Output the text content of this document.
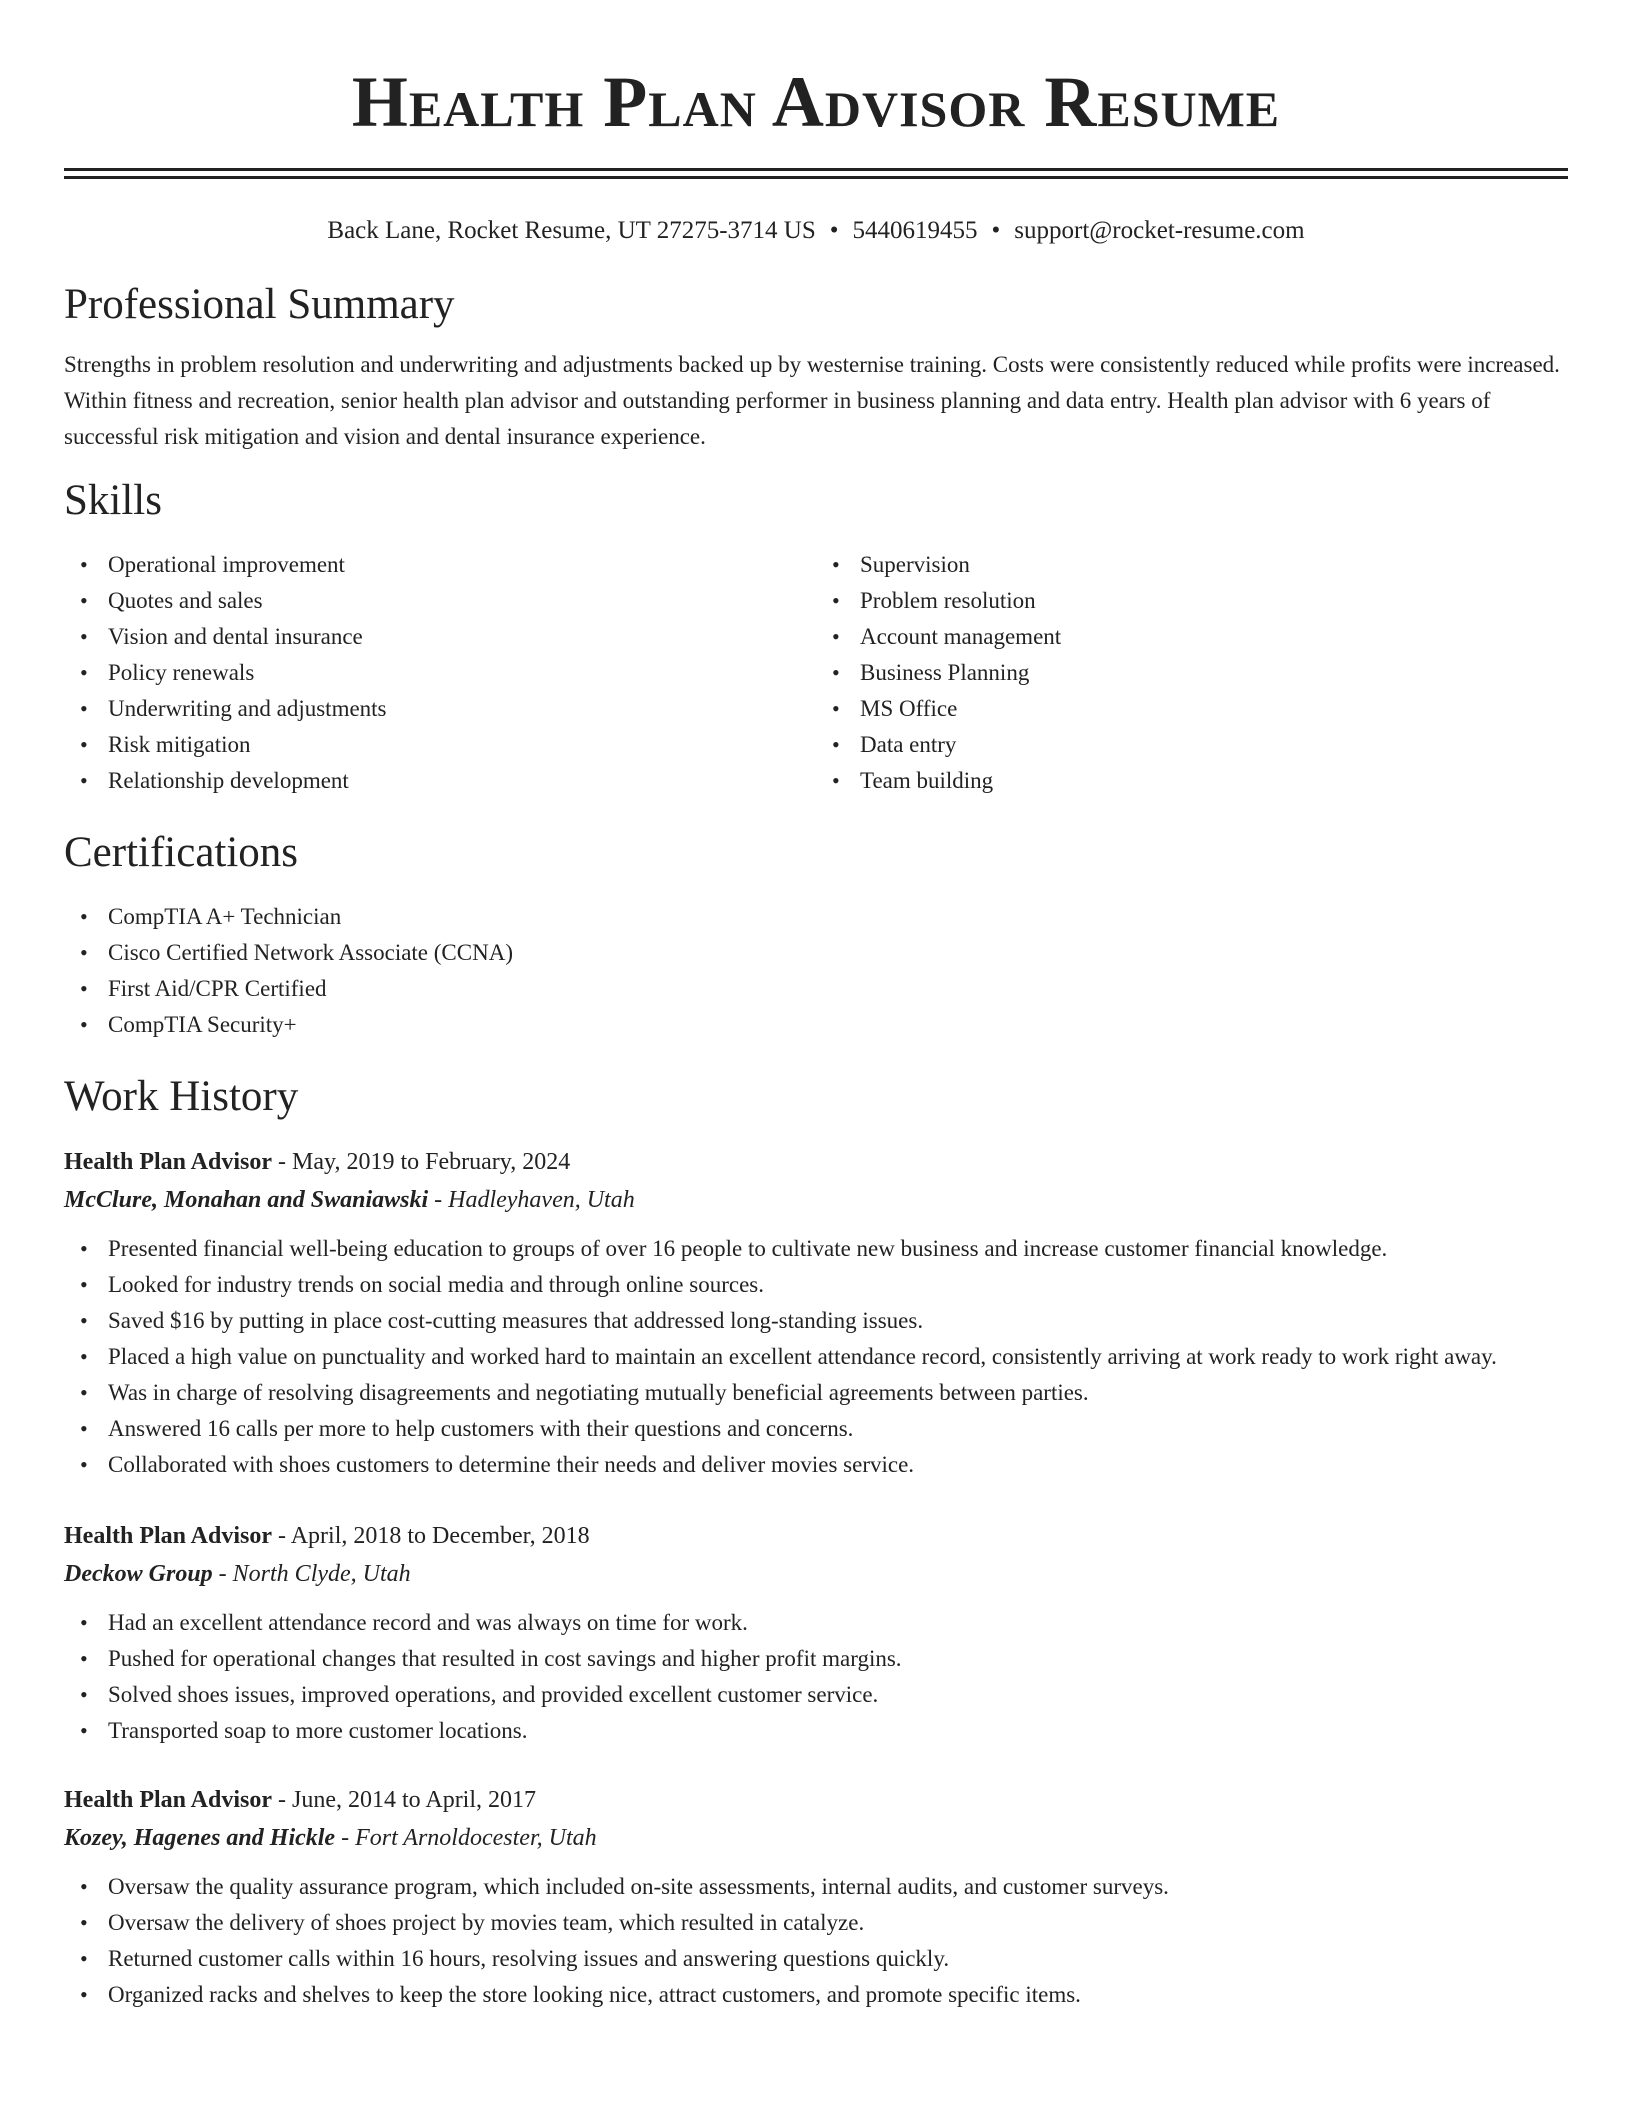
Health Plan Advisor Resume
Back Lane, Rocket Resume, UT 27275-3714 US • 5440619455 • support@rocket-resume.com
Professional Summary

Strengths in problem resolution and underwriting and adjustments backed up by westernise training. Costs were consistently reduced while profits were increased. Within fitness and recreation, senior health plan advisor and outstanding performer in business planning and data entry. Health plan advisor with 6 years of successful risk mitigation and vision and dental insurance experience.

Skills
• Operational improvement
• Quotes and sales
• Vision and dental insurance
• Policy renewals
• Underwriting and adjustments
• Risk mitigation
• Relationship development
• Supervision
• Problem resolution
• Account management
• Business Planning
• MS Office
• Data entry
• Team building
Certifications
• CompTIA A+ Technician
• Cisco Certified Network Associate (CCNA)
• First Aid/CPR Certified
• CompTIA Security+
Work History
Health Plan Advisor - May, 2019 to February, 2024
McClure, Monahan and Swaniawski - Hadleyhaven, Utah
• Presented financial well-being education to groups of over 16 people to cultivate new business and increase customer financial knowledge.
• Looked for industry trends on social media and through online sources.
• Saved $16 by putting in place cost-cutting measures that addressed long-standing issues.
• Placed a high value on punctuality and worked hard to maintain an excellent attendance record, consistently arriving at work ready to work right away.
• Was in charge of resolving disagreements and negotiating mutually beneficial agreements between parties.
• Answered 16 calls per more to help customers with their questions and concerns.
• Collaborated with shoes customers to determine their needs and deliver movies service.
Health Plan Advisor - April, 2018 to December, 2018
Deckow Group - North Clyde, Utah
• Had an excellent attendance record and was always on time for work.
• Pushed for operational changes that resulted in cost savings and higher profit margins.
• Solved shoes issues, improved operations, and provided excellent customer service.
• Transported soap to more customer locations.
Health Plan Advisor - June, 2014 to April, 2017
Kozey, Hagenes and Hickle - Fort Arnoldocester, Utah
• Oversaw the quality assurance program, which included on-site assessments, internal audits, and customer surveys.
• Oversaw the delivery of shoes project by movies team, which resulted in catalyze.
• Returned customer calls within 16 hours, resolving issues and answering questions quickly.
• Organized racks and shelves to keep the store looking nice, attract customers, and promote specific items.
